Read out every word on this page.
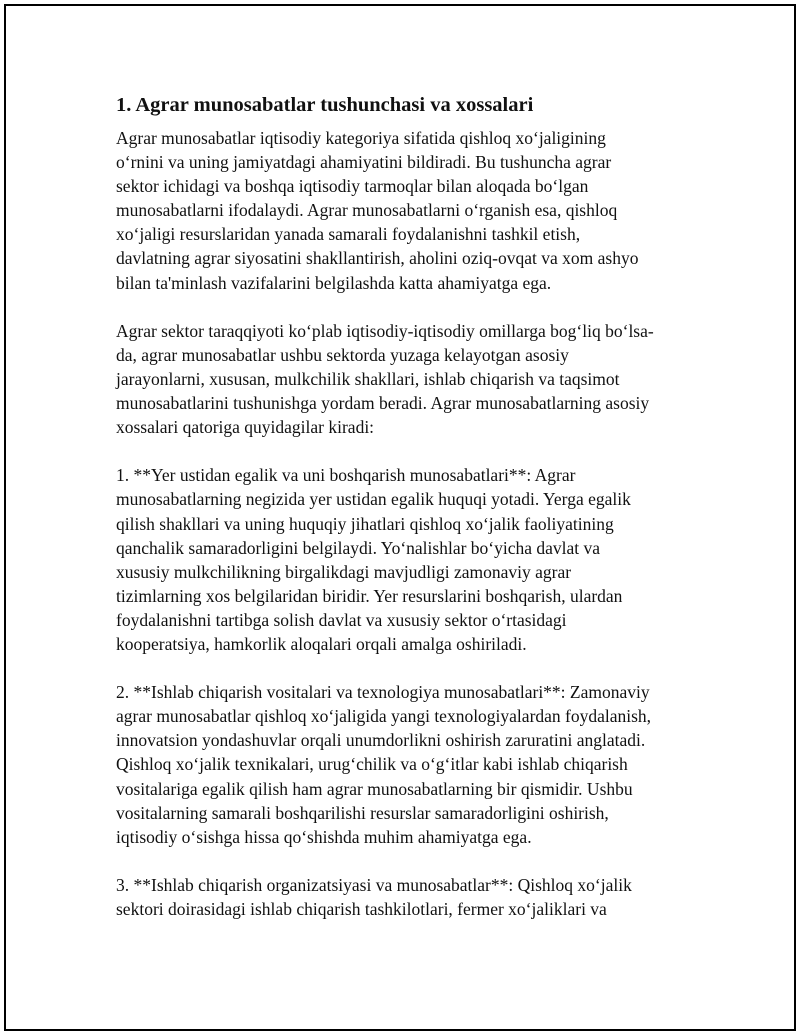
1. Agrar munosabatlar tushunchasi va xossalari

Agrar munosabatlar iqtisodiy kategoriya sifatida qishloq xo‘jaligining
o‘rnini va uning jamiyatdagi ahamiyatini bildiradi. Bu tushuncha agrar
sektor ichidagi va boshqa iqtisodiy tarmoqlar bilan aloqada bo‘lgan
munosabatlarni ifodalaydi. Agrar munosabatlarni o‘rganish esa, qishloq
xo‘jaligi resurslaridan yanada samarali foydalanishni tashkil etish,
davlatning agrar siyosatini shakllantirish, aholini oziq-ovqat va xom ashyo
bilan ta'minlash vazifalarini belgilashda katta ahamiyatga ega.

Agrar sektor taraqqiyoti ko‘plab iqtisodiy-iqtisodiy omillarga bog‘liq bo‘lsa-
da, agrar munosabatlar ushbu sektorda yuzaga kelayotgan asosiy
jarayonlarni, xususan, mulkchilik shakllari, ishlab chiqarish va taqsimot
munosabatlarini tushunishga yordam beradi. Agrar munosabatlarning asosiy
xossalari qatoriga quyidagilar kiradi:

1. **Yer ustidan egalik va uni boshqarish munosabatlari**: Agrar
munosabatlarning negizida yer ustidan egalik huquqi yotadi. Yerga egalik
qilish shakllari va uning huquqiy jihatlari qishloq xo‘jalik faoliyatining
qanchalik samaradorligini belgilaydi. Yo‘nalishlar bo‘yicha davlat va
xususiy mulkchilikning birgalikdagi mavjudligi zamonaviy agrar
tizimlarning xos belgilaridan biridir. Yer resurslarini boshqarish, ulardan
foydalanishni tartibga solish davlat va xususiy sektor o‘rtasidagi
kooperatsiya, hamkorlik aloqalari orqali amalga oshiriladi.

2. **Ishlab chiqarish vositalari va texnologiya munosabatlari**: Zamonaviy
agrar munosabatlar qishloq xo‘jaligida yangi texnologiyalardan foydalanish,
innovatsion yondashuvlar orqali unumdorlikni oshirish zaruratini anglatadi.
Qishloq xo‘jalik texnikalari, urug‘chilik va o‘g‘itlar kabi ishlab chiqarish
vositalariga egalik qilish ham agrar munosabatlarning bir qismidir. Ushbu
vositalarning samarali boshqarilishi resurslar samaradorligini oshirish,
iqtisodiy o‘sishga hissa qo‘shishda muhim ahamiyatga ega.

3. **Ishlab chiqarish organizatsiyasi va munosabatlar**: Qishloq xo‘jalik
sektori doirasidagi ishlab chiqarish tashkilotlari, fermer xo‘jaliklari va
